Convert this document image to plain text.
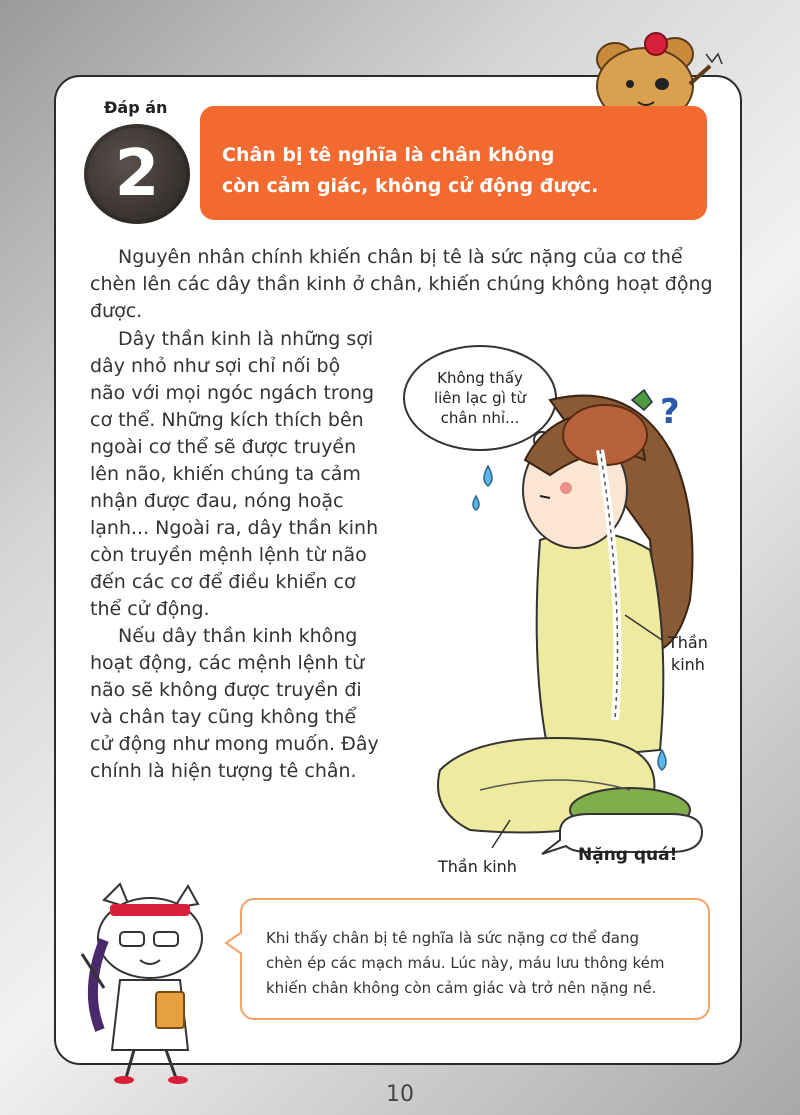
Đáp án
2	Chân bị tê nghĩa là chân không
còn cảm giác, không cử động được.
Nguyên nhân chính khiến chân bị tê là sức nặng của cơ thể
chèn lên các dây thần kinh ở chân, khiến chúng không hoạt động
được.
Dây thần kinh là những sợi
dây nhỏ như sợi chỉ nối bộ
não với mọi ngóc ngách trong
cơ thể. Những kích thích bên
ngoài cơ thể sẽ được truyền
lên não, khiến chúng ta cảm
nhận được đau, nóng hoặc
lạnh... Ngoài ra, dây thần kinh
còn truyền mệnh lệnh từ não
đến các cơ để điều khiển cơ
thể cử động.
Nếu dây thần kinh không
hoạt động, các mệnh lệnh từ
não sẽ không được truyền đi
và chân tay cũng không thể
cử động như mong muốn. Đây
chính là hiện tượng tê chân.
Không thấy
liên lạc gì từ
chân nhỉ...	?
Thần
kinh
Thần kinh
Nặng quá!
Khi thấy chân bị tê nghĩa là sức nặng cơ thể đang
chèn ép các mạch máu. Lúc này, máu lưu thông kém
khiến chân không còn cảm giác và trở nên nặng nề.
10
